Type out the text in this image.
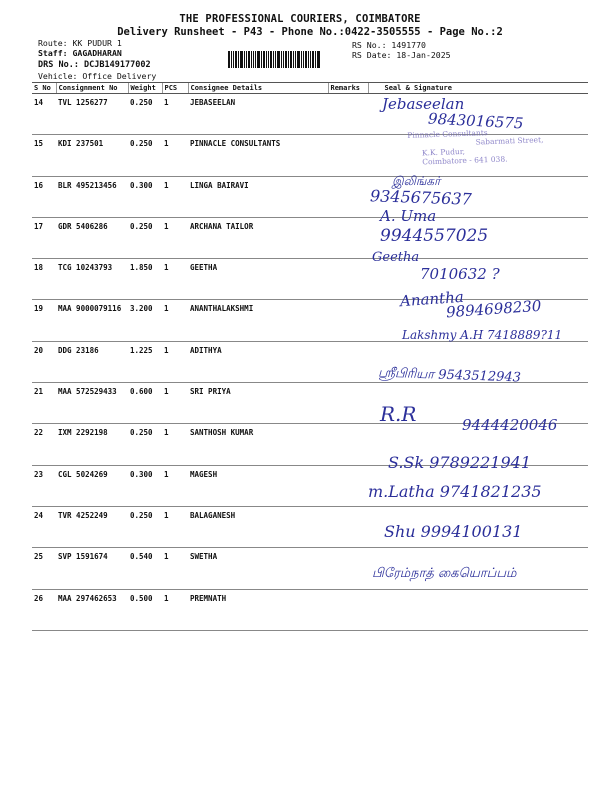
THE PROFESSIONAL COURIERS, COIMBATORE
Delivery Runsheet - P43 - Phone No.:0422-3505555 - Page No.:2
Route: KK PUDUR 1
Staff: GAGADHARAN
DRS No.: DCJB149177002
Vehicle: Office Delivery
RS No.: 1491770
RS Date: 18-Jan-2025
S No	Consignment No	Weight	PCS	Consignee Details	Remarks	Seal & Signature
14	TVL 1256277	0.250	1	JEBASEELAN		
15	KDI 237501	0.250	1	PINNACLE CONSULTANTS		
16	BLR 495213456	0.300	1	LINGA BAIRAVI		
17	GDR 5406286	0.250	1	ARCHANA TAILOR		
18	TCG 10243793	1.850	1	GEETHA		
19	MAA 9000079116	3.200	1	ANANTHALAKSHMI		
20	DDG 23186	1.225	1	ADITHYA		
21	MAA 572529433	0.600	1	SRI PRIYA		
22	IXM 2292198	0.250	1	SANTHOSH KUMAR		
23	CGL 5024269	0.300	1	MAGESH		
24	TVR 4252249	0.250	1	BALAGANESH		
25	SVP 1591674	0.540	1	SWETHA		
26	MAA 297462653	0.500	1	PREMNATH		
Pinnacle Consultants
Sabarmati Street,
K.K. Pudur,
Coimbatore - 641 038.
Jebaseelan
9843016575
இலிங்கர்
9345675637
A. Uma
9944557025
Geetha
7010632 ?
Anantha
9894698230
Lakshmy A.H 7418889?11
ஸ்ரீபிரியா 9543512943
R.R	9444420046
S.Sk 9789221941
m.Latha 9741821235
Shu 9994100131
பிரேம்நாத் கையொப்பம்
